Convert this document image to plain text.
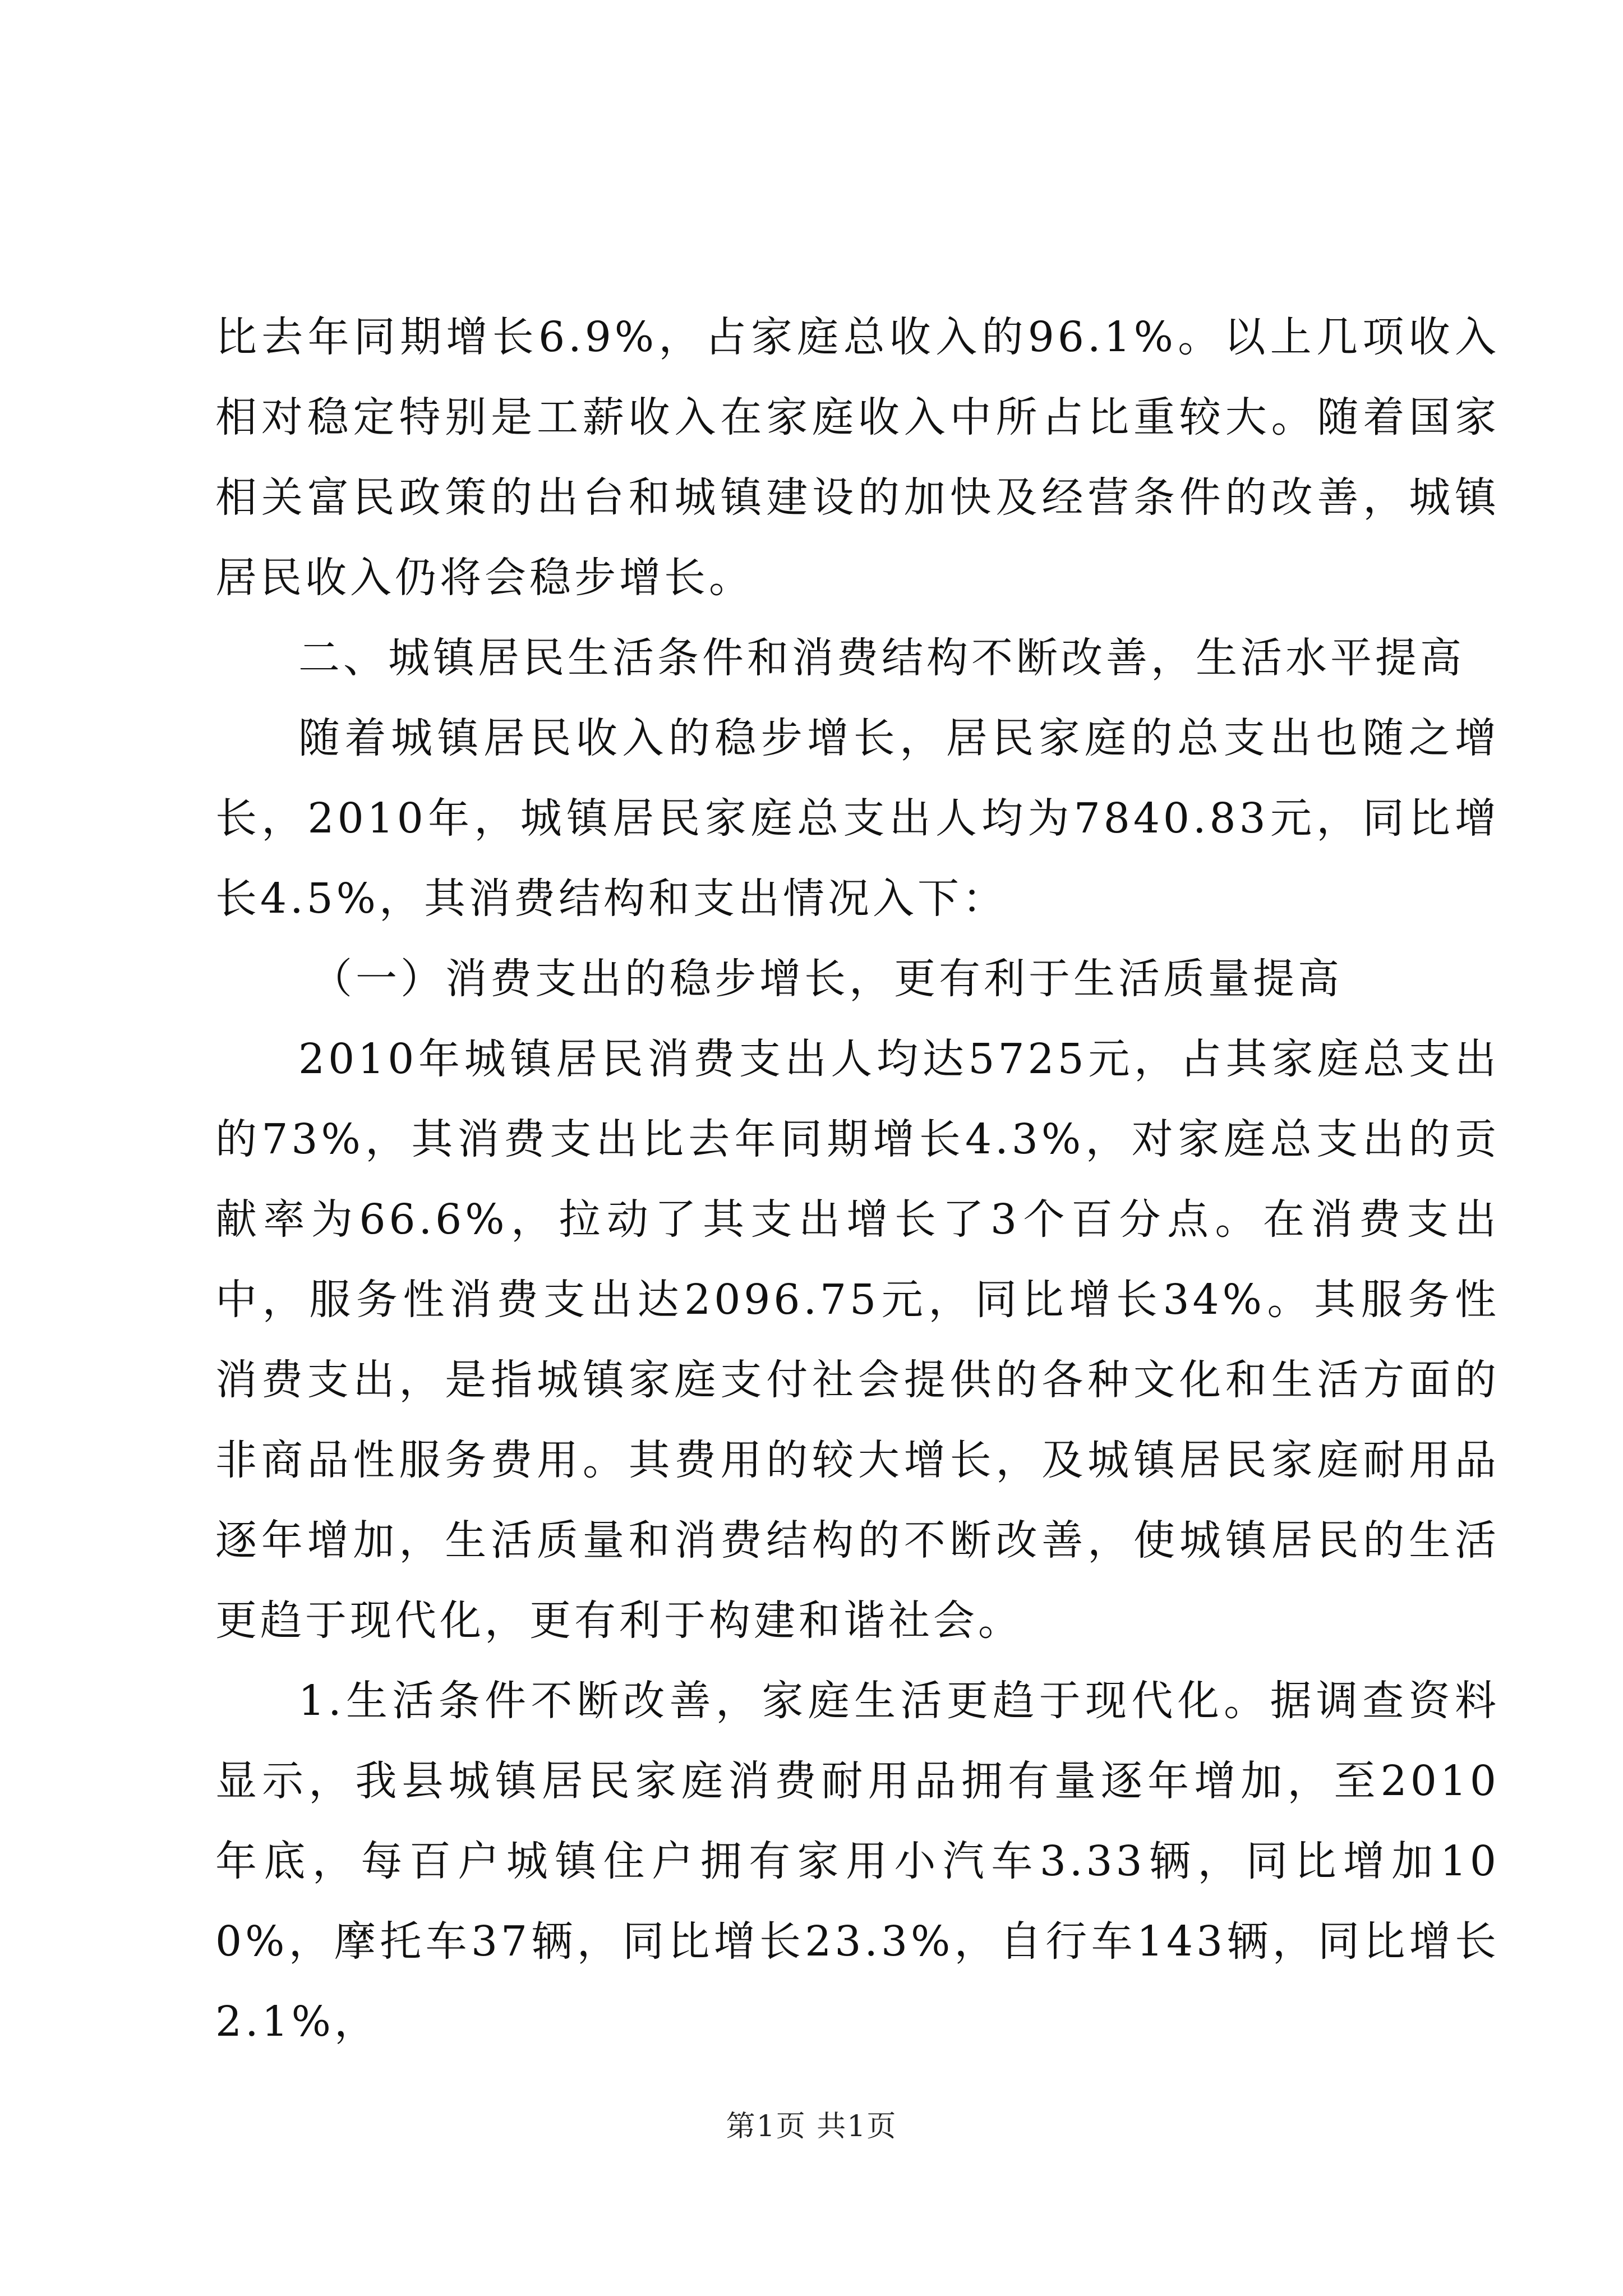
比去年同期增长6.9%，占家庭总收入的96.1%。以上几项收入相对稳定特别是工薪收入在家庭收入中所占比重较大。随着国家相关富民政策的出台和城镇建设的加快及经营条件的改善，城镇居民收入仍将会稳步增长。

二、城镇居民生活条件和消费结构不断改善，生活水平提高

随着城镇居民收入的稳步增长，居民家庭的总支出也随之增长，2010年，城镇居民家庭总支出人均为7840.83元，同比增长4.5%，其消费结构和支出情况入下：

（一）消费支出的稳步增长，更有利于生活质量提高

2010年城镇居民消费支出人均达5725元，占其家庭总支出的73%，其消费支出比去年同期增长4.3%，对家庭总支出的贡献率为66.6%，拉动了其支出增长了3个百分点。在消费支出中，服务性消费支出达2096.75元，同比增长34%。其服务性消费支出，是指城镇家庭支付社会提供的各种文化和生活方面的非商品性服务费用。其费用的较大增长，及城镇居民家庭耐用品逐年增加，生活质量和消费结构的不断改善，使城镇居民的生活更趋于现代化，更有利于构建和谐社会。

1.生活条件不断改善，家庭生活更趋于现代化。据调查资料显示，我县城镇居民家庭消费耐用品拥有量逐年增加，至2010年底，每百户城镇住户拥有家用小汽车3.33辆，同比增加100%，摩托车37辆，同比增长23.3%，自行车143辆，同比增长2.1%，

第1页 共1页
